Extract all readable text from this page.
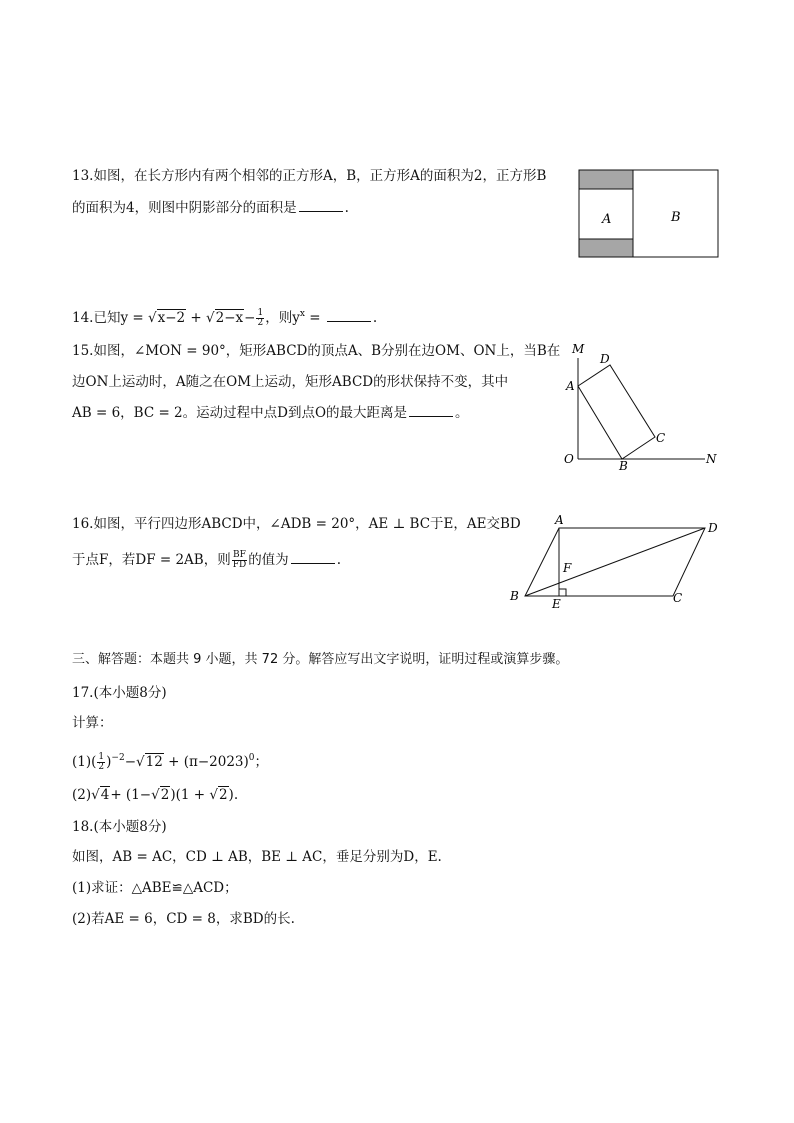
13.如图，在长方形内有两个相邻的正方形A，B，正方形A的面积为2，正方形B
的面积为4，则图中阴影部分的面积是	.
A	B
14.已知$y = √x-2 + √2-x- \frac{1}{2}$ ，则$y^x$ =	.
15.如图，∠MON = 90°，矩形ABCD的顶点A、B分别在边OM、ON上，当B在
边ON上运动时，A随之在OM上运动，矩形ABCD的形状保持不变，其中
AB = 6，BC = 2。运动过程中点D到点O的最大距离是	。
M
D
A
C
O	B	N
16.如图，平行四边形ABCD中，∠ADB = 20°，AE ⊥ BC于E，AE交BD
于点F，若DF = 2AB，则 $\frac{BF}{FD}$ 的值为	.
A
D
F
B
E	C
三、解答题：本题共 9 小题，共 72 分。解答应写出文字说明，证明过程或演算步骤。
17.(本小题8分)
计算：
$(1)( \frac{1}{2} )^{-2}-√12 + (\pi-2023)^0$；
(2)√4+ (1−√2)(1 + √2).
18.(本小题8分)
如图，AB = AC，CD ⊥ AB，BE ⊥ AC，垂足分别为D，E.
(1)求证：△ABE≌△ACD；
(2)若AE = 6，CD = 8，求BD的长.
